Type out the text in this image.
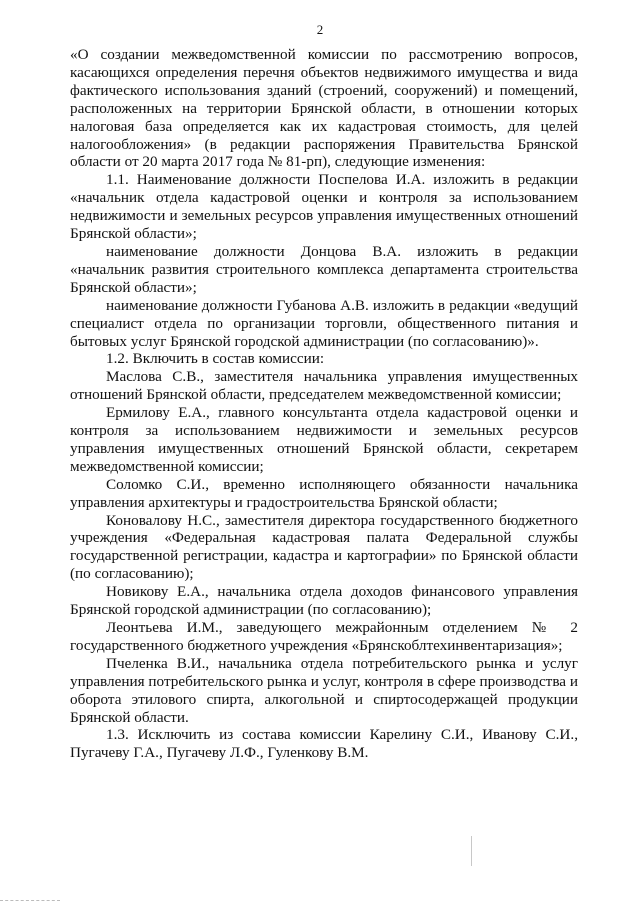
2

«О создании межведомственной комиссии по рассмотрению вопросов, касающихся определения перечня объектов недвижимого имущества и вида фактического использования зданий (строений, сооружений) и помещений, расположенных на территории Брянской области, в отношении которых налоговая база определяется как их кадастровая стоимость, для целей налогообложения» (в редакции распоряжения Правительства Брянской области от 20 марта 2017 года № 81-рп), следующие изменения:

1.1. Наименование должности Поспелова И.А. изложить в редакции «начальник отдела кадастровой оценки и контроля за использованием недвижимости и земельных ресурсов управления имущественных отношений Брянской области»;

наименование должности Донцова В.А. изложить в редакции «начальник развития строительного комплекса департамента строительства Брянской области»;

наименование должности Губанова А.В. изложить в редакции «ведущий специалист отдела по организации торговли, общественного питания и бытовых услуг Брянской городской администрации (по согласованию)».

1.2. Включить в состав комиссии:

Маслова С.В., заместителя начальника управления имущественных отношений Брянской области, председателем межведомственной комиссии;

Ермилову Е.А., главного консультанта отдела кадастровой оценки и контроля за использованием недвижимости и земельных ресурсов управления имущественных отношений Брянской области, секретарем межведомственной комиссии;

Соломко С.И., временно исполняющего обязанности начальника управления архитектуры и градостроительства Брянской области;

Коновалову Н.С., заместителя директора государственного бюджетного учреждения «Федеральная кадастровая палата Федеральной службы государственной регистрации, кадастра и картографии» по Брянской области (по согласованию);

Новикову Е.А., начальника отдела доходов финансового управления Брянской городской администрации (по согласованию);

Леонтьева И.М., заведующего межрайонным отделением № 2 государственного бюджетного учреждения «Брянскоблтехинвентаризация»;

Пчеленка В.И., начальника отдела потребительского рынка и услуг управления потребительского рынка и услуг, контроля в сфере производства и оборота этилового спирта, алкогольной и спиртосодержащей продукции Брянской области.

1.3. Исключить из состава комиссии Карелину С.И., Иванову С.И., Пугачеву Г.А., Пугачеву Л.Ф., Гуленкову В.М.
